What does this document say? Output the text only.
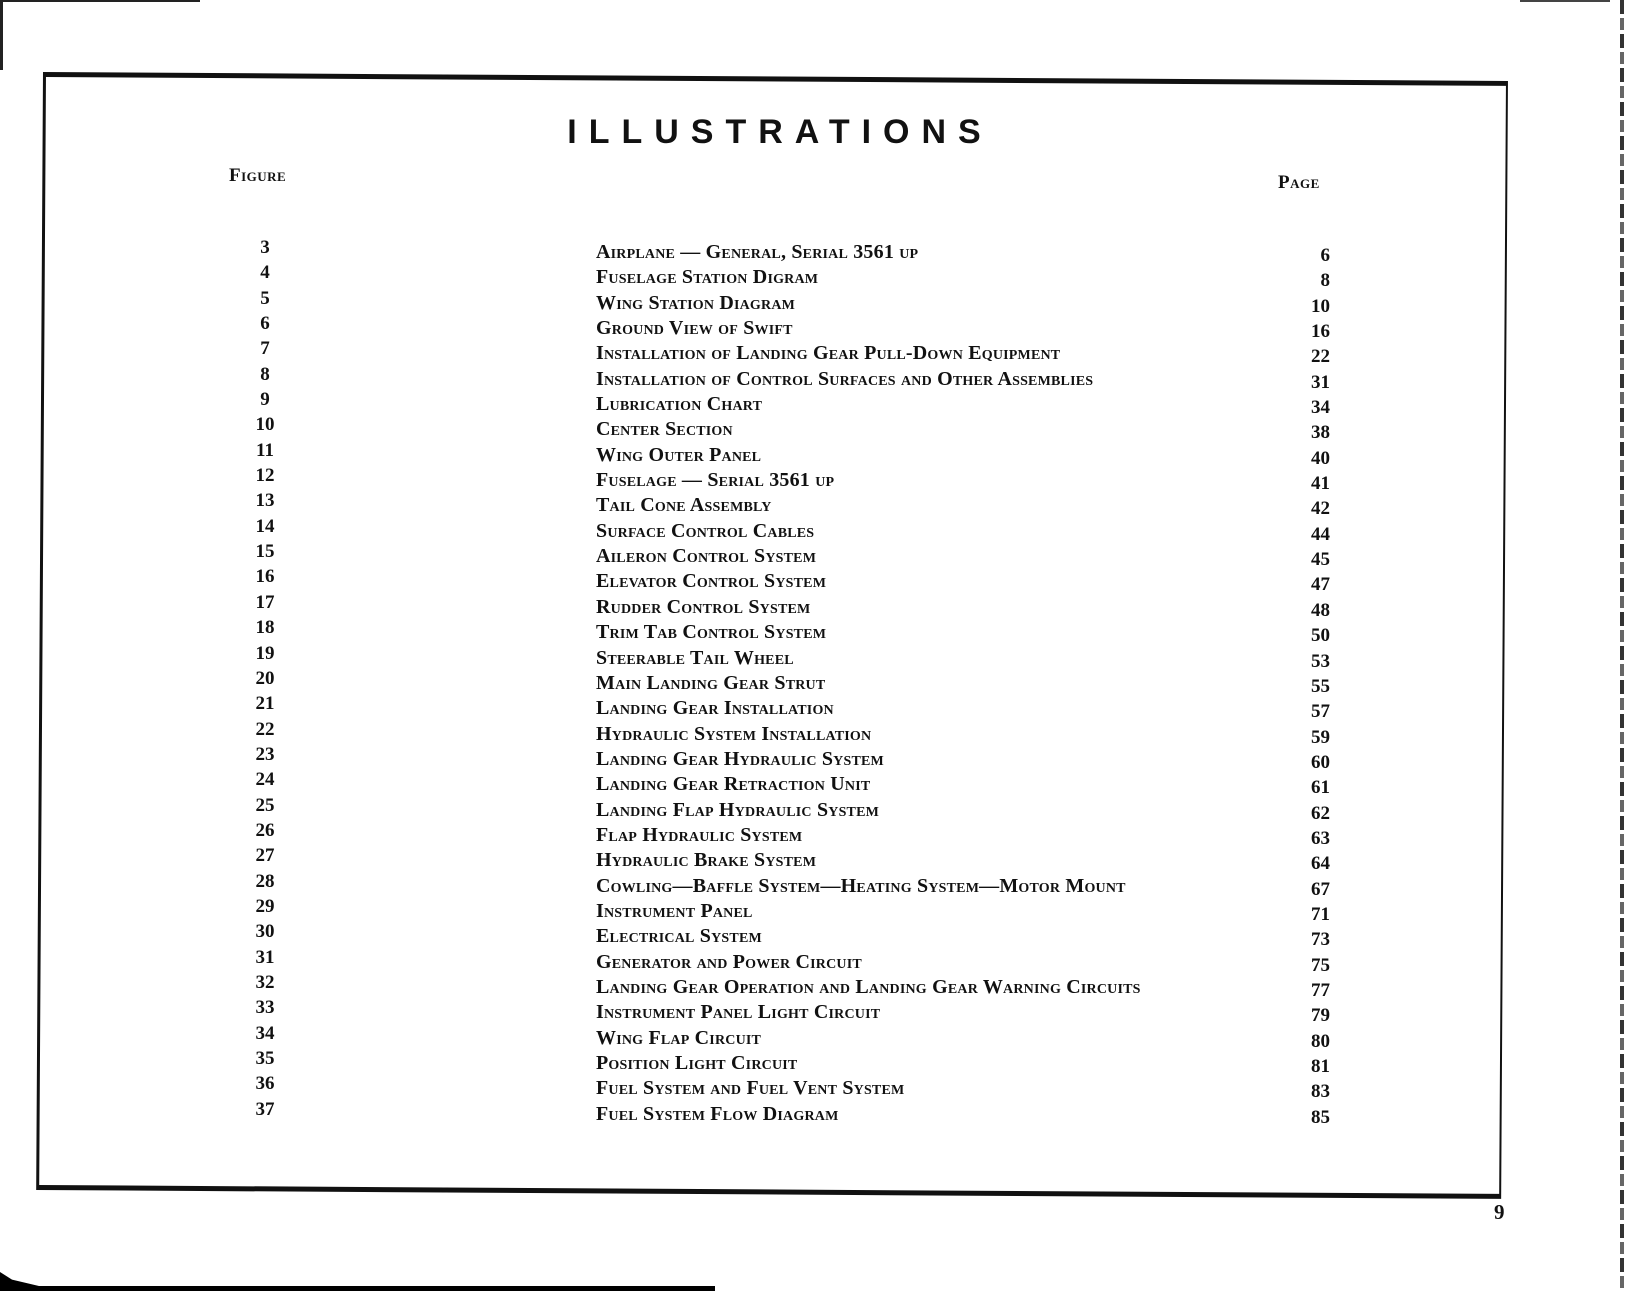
ILLUSTRATIONS
Figure	Page
3	Airplane — General, Serial 3561 up	6
4	Fuselage Station Digram	8
5	Wing Station Diagram	10
6	Ground View of Swift	16
7	Installation of Landing Gear Pull-Down Equipment	22
8	Installation of Control Surfaces and Other Assemblies	31
9	Lubrication Chart	34
10	Center Section	38
11	Wing Outer Panel	40
12	Fuselage — Serial 3561 up	41
13	Tail Cone Assembly	42
14	Surface Control Cables	44
15	Aileron Control System	45
16	Elevator Control System	47
17	Rudder Control System	48
18	Trim Tab Control System	50
19	Steerable Tail Wheel	53
20	Main Landing Gear Strut	55
21	Landing Gear Installation	57
22	Hydraulic System Installation	59
23	Landing Gear Hydraulic System	60
24	Landing Gear Retraction Unit	61
25	Landing Flap Hydraulic System	62
26	Flap Hydraulic System	63
27	Hydraulic Brake System	64
28	Cowling—Baffle System—Heating System—Motor Mount	67
29	Instrument Panel	71
30	Electrical System	73
31	Generator and Power Circuit	75
32	Landing Gear Operation and Landing Gear Warning Circuits	77
33	Instrument Panel Light Circuit	79
34	Wing Flap Circuit	80
35	Position Light Circuit	81
36	Fuel System and Fuel Vent System	83
37	Fuel System Flow Diagram	85
9
